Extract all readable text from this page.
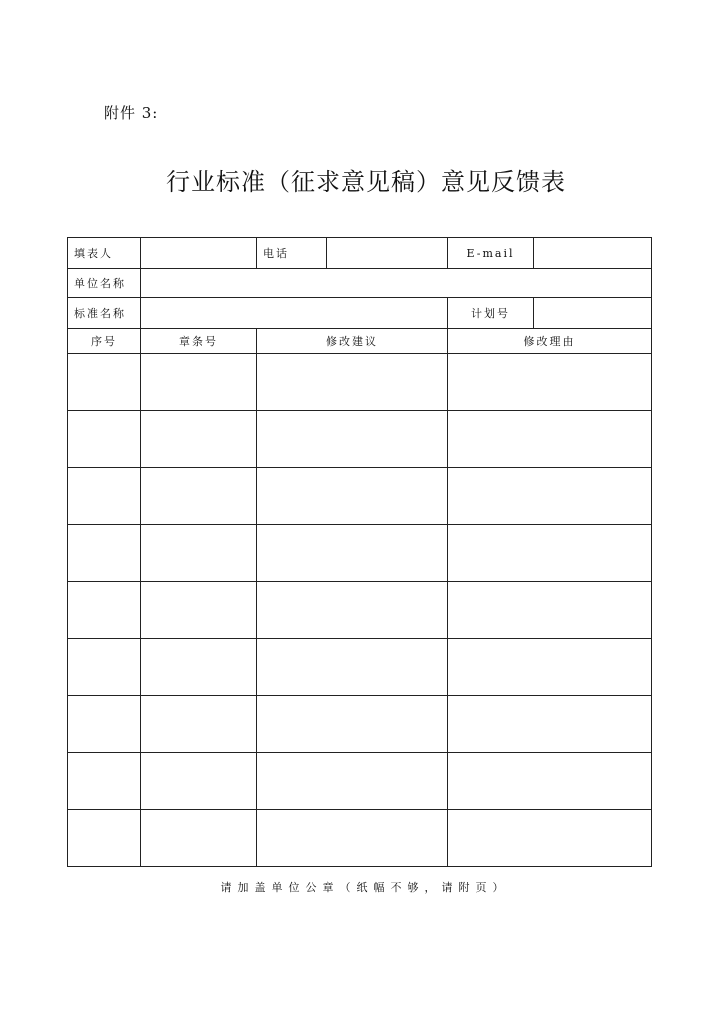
附件 3:
行业标准（征求意见稿）意见反馈表
填表人		电话		E-mail	
单位名称					
标准名称				计划号	
序号	章条号	修改建议		修改理由	

请加盖单位公章（纸幅不够，请附页）
